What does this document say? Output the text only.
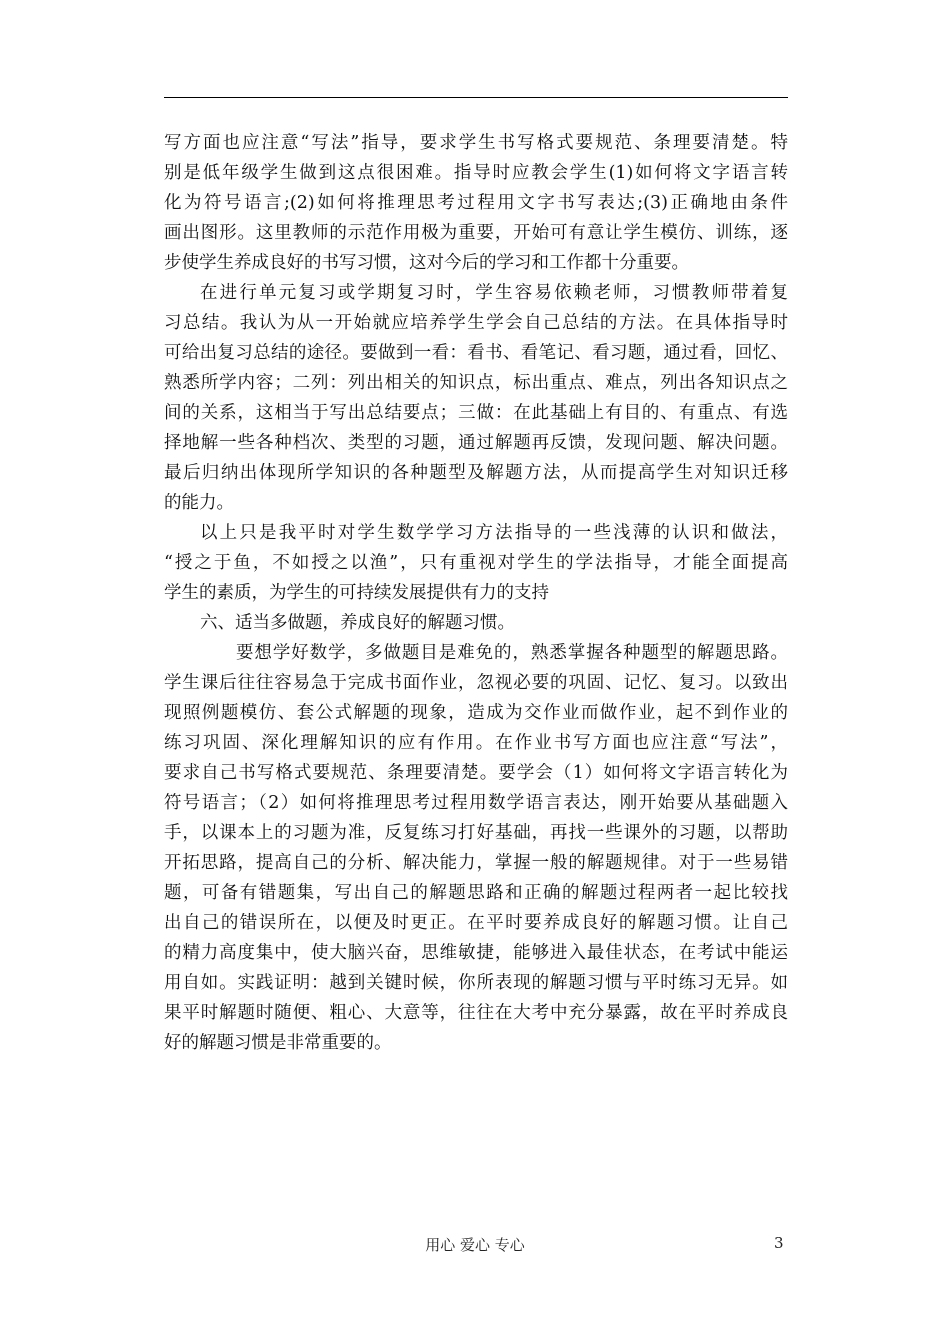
写方面也应注意“写法”指导，要求学生书写格式要规范、条理要清楚。特
别是低年级学生做到这点很困难。指导时应教会学生(1)如何将文字语言转
化为符号语言;(2)如何将推理思考过程用文字书写表达;(3)正确地由条件
画出图形。这里教师的示范作用极为重要，开始可有意让学生模仿、训练，逐
步使学生养成良好的书写习惯，这对今后的学习和工作都十分重要。
在进行单元复习或学期复习时，学生容易依赖老师，习惯教师带着复
习总结。我认为从一开始就应培养学生学会自己总结的方法。在具体指导时
可给出复习总结的途径。要做到一看：看书、看笔记、看习题，通过看，回忆、
熟悉所学内容；二列：列出相关的知识点，标出重点、难点，列出各知识点之
间的关系，这相当于写出总结要点；三做：在此基础上有目的、有重点、有选
择地解一些各种档次、类型的习题，通过解题再反馈，发现问题、解决问题。
最后归纳出体现所学知识的各种题型及解题方法，从而提高学生对知识迁移
的能力。
以上只是我平时对学生数学学习方法指导的一些浅薄的认识和做法，
“授之于鱼，不如授之以渔”，只有重视对学生的学法指导，才能全面提高
学生的素质，为学生的可持续发展提供有力的支持
六、适当多做题，养成良好的解题习惯。
要想学好数学，多做题目是难免的，熟悉掌握各种题型的解题思路。
学生课后往往容易急于完成书面作业，忽视必要的巩固、记忆、复习。以致出
现照例题模仿、套公式解题的现象，造成为交作业而做作业，起不到作业的
练习巩固、深化理解知识的应有作用。在作业书写方面也应注意“写法”，
要求自己书写格式要规范、条理要清楚。要学会（1）如何将文字语言转化为
符号语言；（2）如何将推理思考过程用数学语言表达，刚开始要从基础题入
手，以课本上的习题为准，反复练习打好基础，再找一些课外的习题，以帮助
开拓思路，提高自己的分析、解决能力，掌握一般的解题规律。对于一些易错
题，可备有错题集，写出自己的解题思路和正确的解题过程两者一起比较找
出自己的错误所在，以便及时更正。在平时要养成良好的解题习惯。让自己
的精力高度集中，使大脑兴奋，思维敏捷，能够进入最佳状态，在考试中能运
用自如。实践证明：越到关键时候，你所表现的解题习惯与平时练习无异。如
果平时解题时随便、粗心、大意等，往往在大考中充分暴露，故在平时养成良
好的解题习惯是非常重要的。
用心 爱心 专心	3
